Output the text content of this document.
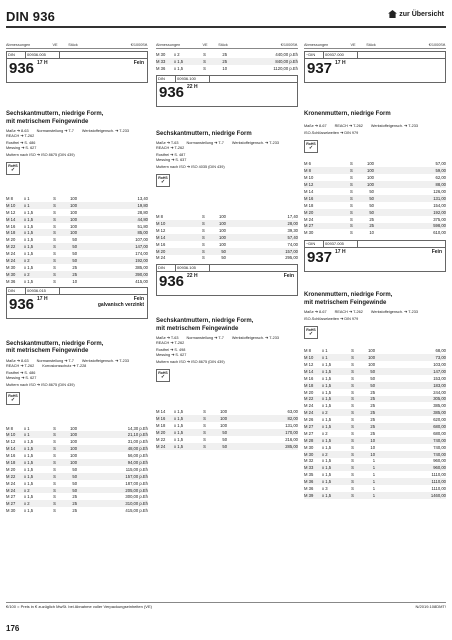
DIN 936	zur Übersicht
Abmessungen	VE	Stück	€/1000Stf.
DIN	00936.005
936 17 H	Fein
Sechskantmuttern, niedrige Form,
mit metrischem Feingewinde
Maße ➔ 8-63 Normanstellung ➔ T-7 Werkstoffeigensch. ➔ T-233
REACH ➔ T-262
Rostfrei ➔ S. 486
Messing ➔ S. 627
Muttern nach ISO ➔ ISO 8675 (DIN 439)
RoHS
✓
M 8	x 1		S	100	13,40
M 10	x 1		S	100	19,80
M 12	x 1,5		S	100	28,80
M 14	x 1,5		S	100	44,80
M 16	x 1,5		S	100	51,80
M 18	x 1,5		S	100	85,00
M 20	x 1,5		S	50	107,00
M 22	x 1,5		S	50	147,00
M 24	x 1,5		S	50	174,00
M 24	x 2		S	50	192,00
M 30	x 1,5		S	25	385,00
M 30	x 2		S	25	390,00
M 36	x 1,5		S	10	415,00
DIN	00936.015
936 17 H	Fein
galvanisch verzinkt
Sechskantmuttern, niedrige Form,
mit metrischem Feingewinde
Maße ➔ 8-63 Normanstellung ➔ T-7 Werkstoffeigensch. ➔ T-233
REACH ➔ T-262 Korrosionsschutz ➔ T-228
Rostfrei ➔ S. 486
Messing ➔ S. 627
Muttern nach ISO ➔ ISO 8675 (DIN 439)
RoHS
✓
M 8	x 1		S	100	14,30 p.Eh
M 10	x 1		S	100	21,10 p.Eh
M 12	x 1,5		S	100	31,00 p.Eh
M 14	x 1,5		S	100	48,00 p.Eh
M 16	x 1,5		S	100	56,00 p.Eh
M 18	x 1,5		S	100	94,00 p.Eh
M 20	x 1,5		S	50	115,00 p.Eh
M 22	x 1,5		S	50	157,00 p.Eh
M 24	x 1,5		S	50	187,00 p.Eh
M 24	x 2		S	50	205,00 p.Eh
M 27	x 1,5		S	25	300,00 p.Eh
M 27	x 2		S	25	310,00 p.Eh
M 30	x 1,5		S	25	415,00 p.Eh
Abmessungen	VE	Stück	€/1000Stf.
M 30	x 2		S	25	440,00 p.Eh
M 33	x 1,5		S	25	840,00 p.Eh
M 36	x 1,5		S	10	1120,00 p.Eh
DIN	00936.100
936 22 H
Sechskantmuttern, niedrige Form
Maße ➔ T-63 Normanstellung ➔ T-7 Werkstoffeigensch. ➔ T-233
REACH ➔ T-262
Rostfrei ➔ S. 487
Messing ➔ S. 637
Muttern nach ISO ➔ ISO 4035 (DIN 439)
RoHS
✓
M 8			S	100	17,40
M 10			S	100	28,00
M 12			S	100	39,30
M 14			S	100	57,40
M 16			S	100	74,00
M 20			S	50	157,00
M 24			S	50	295,00
DIN	00936.105
936 22 H	Fein
Sechskantmuttern, niedrige Form,
mit metrischem Feingewinde
Maße ➔ T-63 Normanstellung ➔ T-7 Werkstoffeigensch. ➔ T-233
REACH ➔ T-262
Rostfrei ➔ S. 498
Messing ➔ S. 627
Muttern nach ISO ➔ ISO 8675 (DIN 439)
RoHS
✓
M 14	x 1,5		S	100	63,00
M 16	x 1,5		S	100	82,00
M 18	x 1,5		S	100	131,00
M 20	x 1,5		S	50	170,00
M 22	x 1,5		S	50	216,00
M 24	x 1,5		S	50	285,00
Abmessungen	VE	Stück	€/1000Stf.
~DIN 00937.000
937 17 H
Kronenmuttern, niedrige Form
Maße ➔ 8-67 REACH ➔ T-262 Werkstoffeigensch. ➔ T-233
ISO-Schlüsselweiten ➔ DIN 979
RoHS
✓
M 6			S	100	57,00
M 8			S	100	59,00
M 10			S	100	62,00
M 12			S	100	88,00
M 14			S	50	126,00
M 16			S	50	131,00
M 18			S	50	154,00
M 20			S	50	192,00
M 24			S	25	375,00
M 27			S	25	598,00
M 30			S	10	610,00
~DIN 00937.005
937 17 H	Fein
Kronenmuttern, niedrige Form,
mit metrischem Feingewinde
Maße ➔ 8-67 REACH ➔ T-262 Werkstoffeigensch. ➔ T-233
ISO-Schlüsselweiten ➔ DIN 979
RoHS
✓
M 8	x 1		S	100	68,00
M 10	x 1		S	100	73,00
M 12	x 1,5		S	100	103,00
M 14	x 1,5		S	50	147,00
M 16	x 1,5		S	50	153,00
M 18	x 1,5		S	50	183,00
M 20	x 1,5		S	25	244,00
M 22	x 1,5		S	25	305,00
M 24	x 1,5		S	25	385,00
M 24	x 2		S	25	385,00
M 26	x 1,5		S	25	620,00
M 27	x 1,5		S	25	680,00
M 27	x 2		S	25	680,00
M 28	x 1,5		S	10	740,00
M 30	x 1,5		S	10	740,00
M 30	x 2		S	10	740,00
M 32	x 1,5		S	1	960,00
M 33	x 1,5		S	1	960,00
M 35	x 1,5		S	1	1110,00
M 36	x 1,5		S	1	1110,00
M 36	x 3		S	1	1110,00
M 39	x 1,5		S	1	1460,00
€/100 = Preis in € zuzüglich MwSt. bei Abnahme voller Verpackungseinheiten (VE)	N/2019.108DMT!
176
